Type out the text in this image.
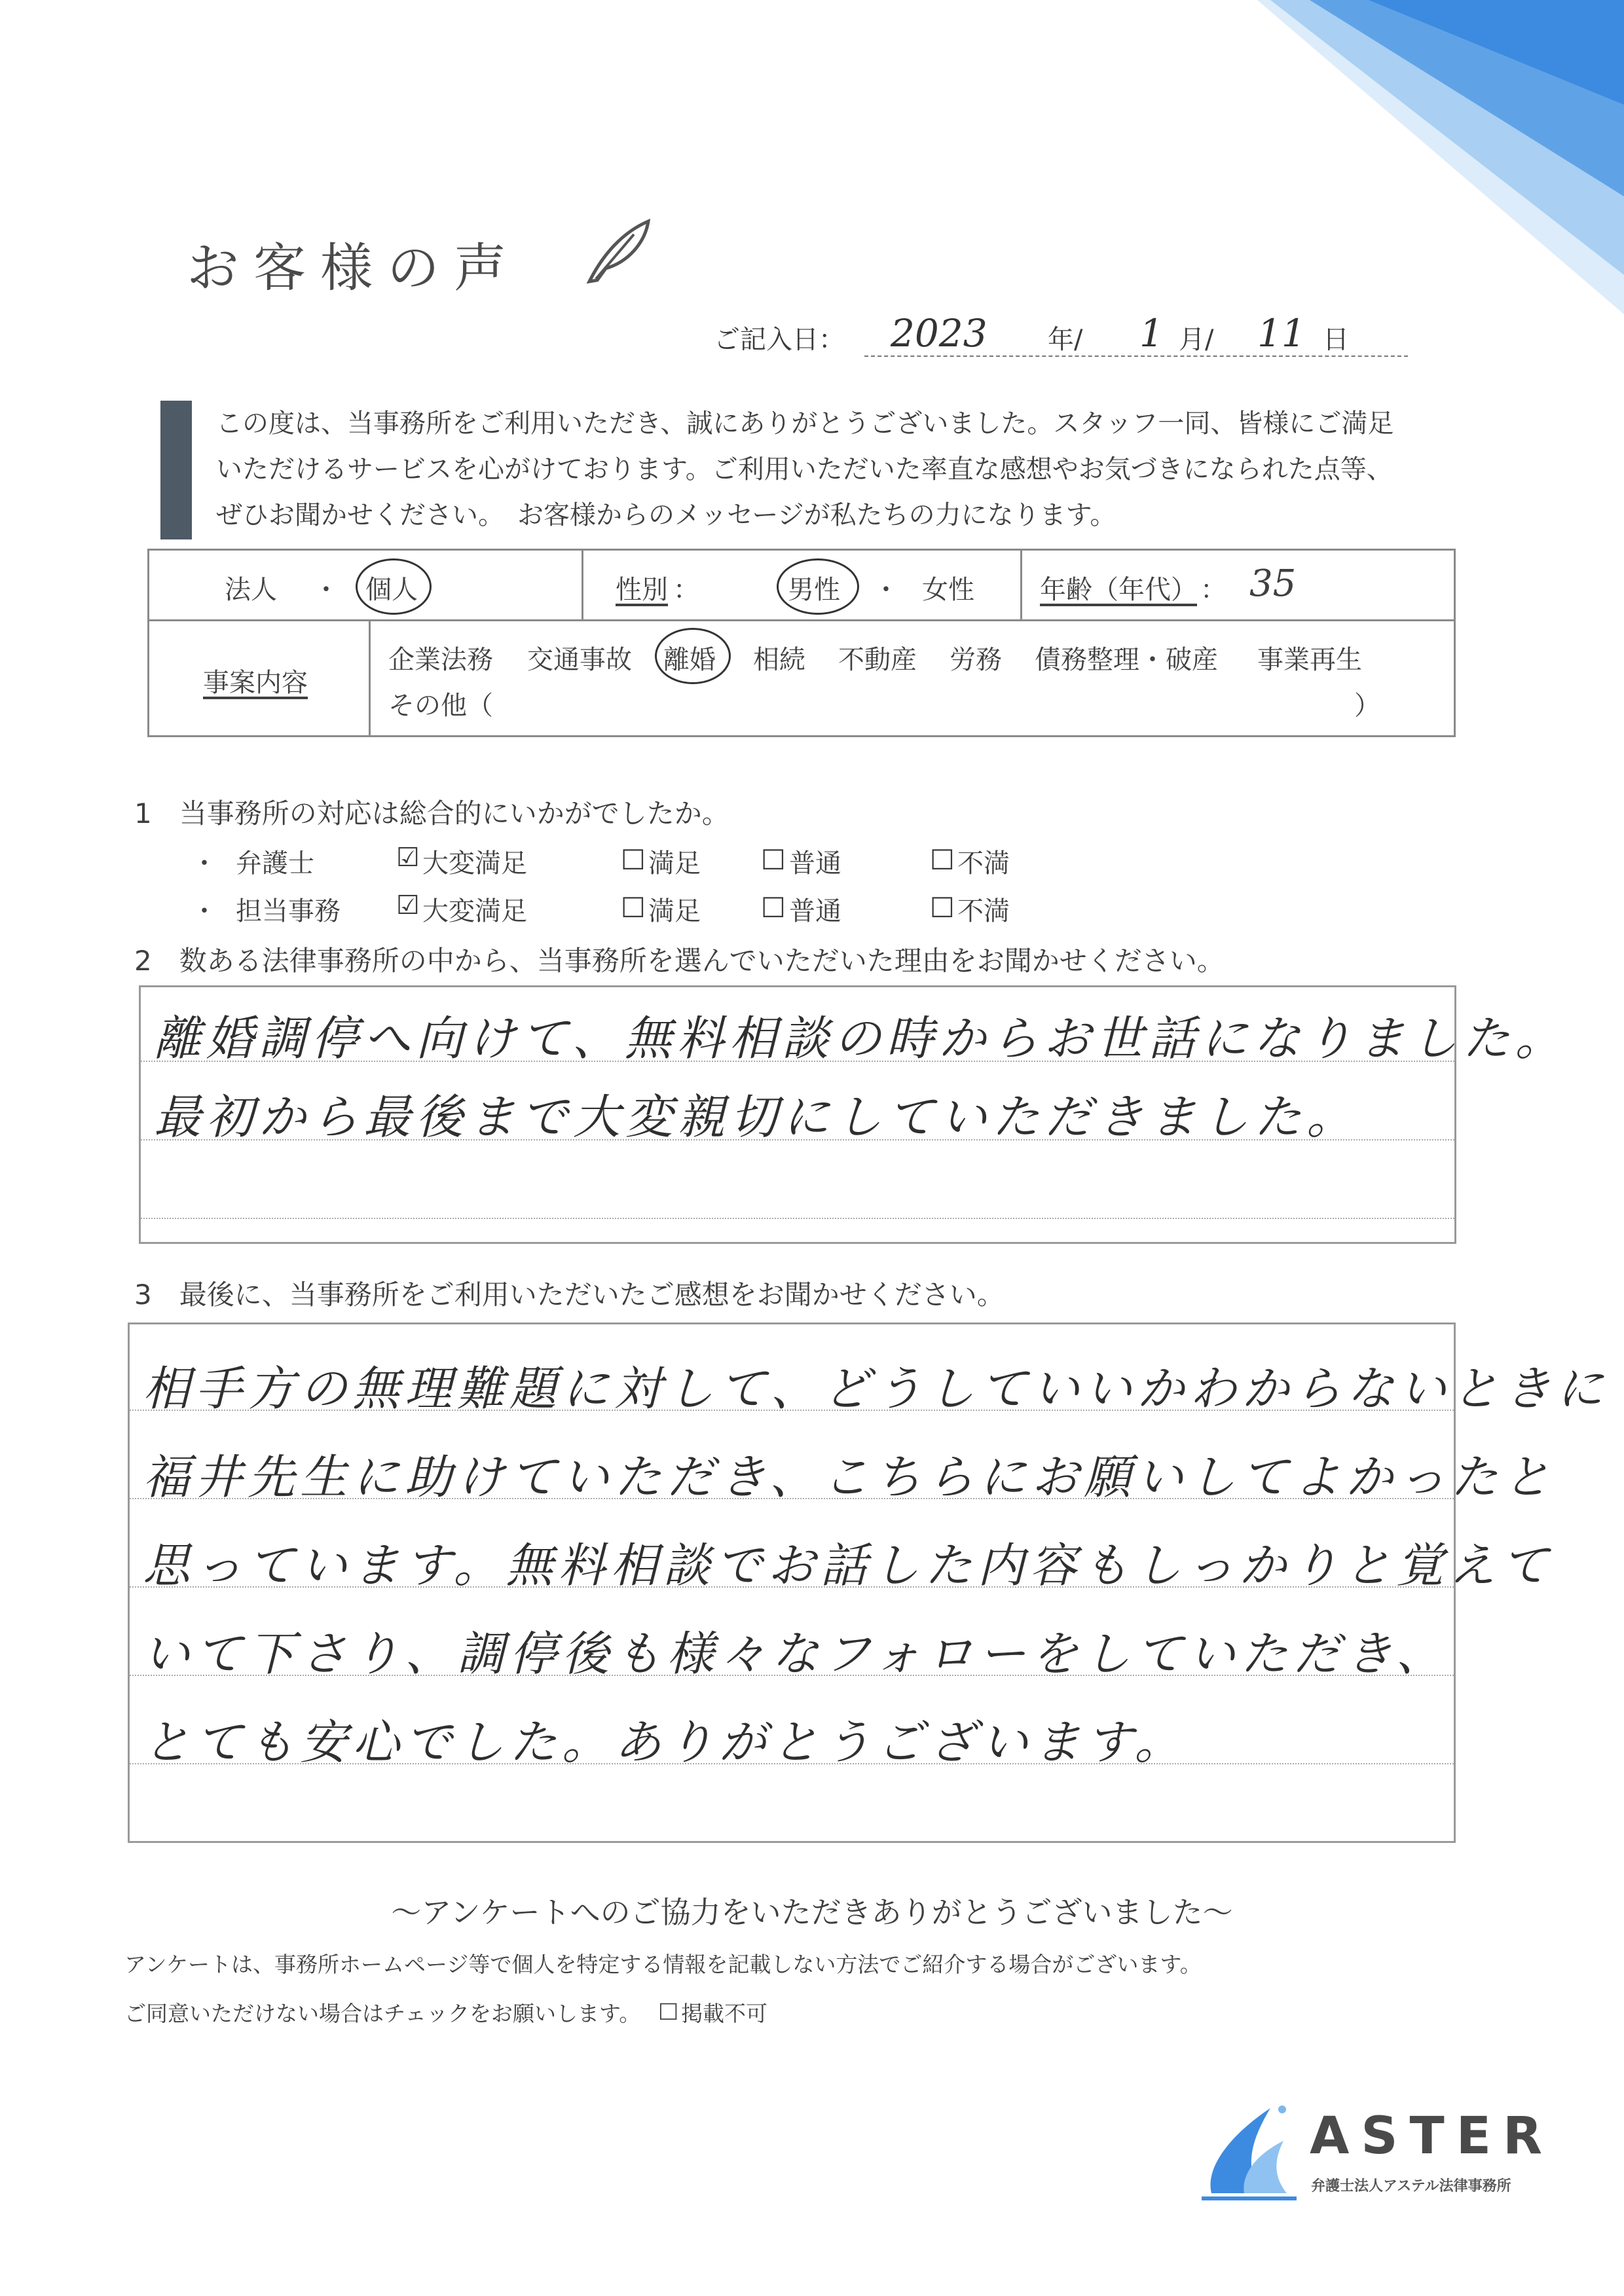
お客様の声
ご記入日： 2023 年/ 1 月/ 11 日
この度は、当事務所をご利用いただき、誠にありがとうございました。スタッフ一同、皆様にご満足
いただけるサービスを心がけております。ご利用いただいた率直な感想やお気づきになられた点等、
ぜひお聞かせください。　お客様からのメッセージが私たちの力になります。
法人 ・ 個人	性別 ：	男性 ・ 女性	年齢（年代） ： 35
事案内容
企業法務 交通事故 離婚 相続 不動産 労務 債務整理・破産 事業再生
その他（	）
1　当事務所の対応は総合的にいかがでしたか。
・ 弁護士	☑ 大変満足	□ 満足 □ 普通	□ 不満
・ 担当事務 ☑ 大変満足	□ 満足 □ 普通	□ 不満
2　数ある法律事務所の中から、当事務所を選んでいただいた理由をお聞かせください。
離婚調停へ向けて、無料相談の時からお世話になりました。
最初から最後まで大変親切にしていただきました。
3　最後に、当事務所をご利用いただいたご感想をお聞かせください。
相手方の無理難題に対して、どうしていいかわからないときに
福井先生に助けていただき、こちらにお願いしてよかったと
思っています。無料相談でお話した内容もしっかりと覚えて
いて下さり、調停後も様々なフォローをしていただき、
とても安心でした。ありがとうございます。
～アンケートへのご協力をいただきありがとうございました～
アンケートは、事務所ホームページ等で個人を特定する情報を記載しない方法でご紹介する場合がございます。
ご同意いただけない場合はチェックをお願いします。 □ 掲載不可
ASTER
弁護士法人アステル法律事務所
